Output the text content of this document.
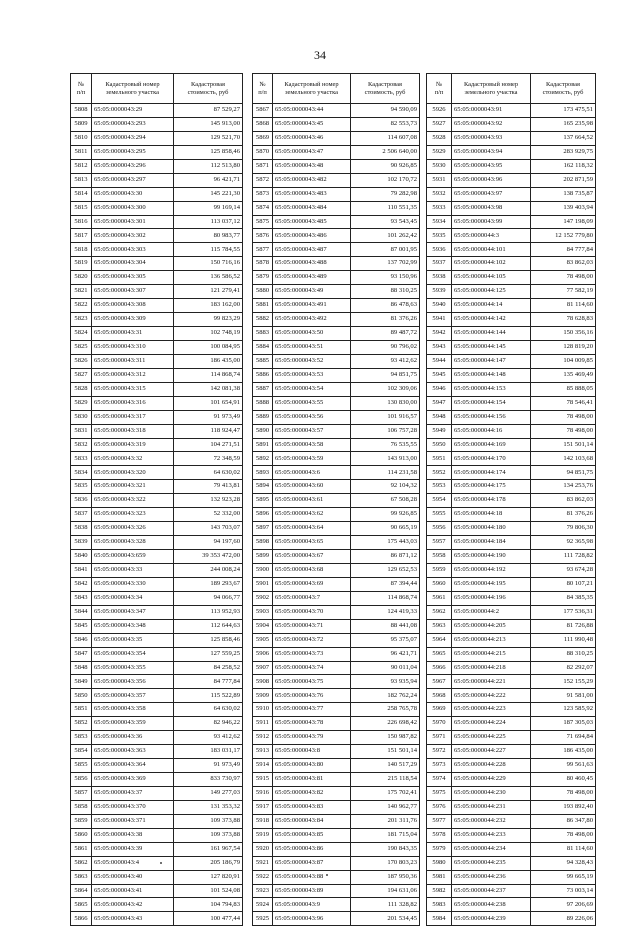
34
№
п/п	Кадастровый номер земельного участка	Кадастровая стоимость, руб
5808	65:05:0000043:29	87 529,27
5809	65:05:0000043:293	145 913,00
5810	65:05:0000043:294	129 521,70
5811	65:05:0000043:295	125 858,46
5812	65:05:0000043:296	112 513,80
5813	65:05:0000043:297	96 421,71
5814	65:05:0000043:30	145 221,30
5815	65:05:0000043:300	99 169,14
5816	65:05:0000043:301	113 037,12
5817	65:05:0000043:302	80 983,77
5818	65:05:0000043:303	115 784,55
5819	65:05:0000043:304	150 716,16
5820	65:05:0000043:305	136 586,52
5821	65:05:0000043:307	121 279,41
5822	65:05:0000043:308	183 162,00
5823	65:05:0000043:309	99 823,29
5824	65:05:0000043:31	102 748,19
5825	65:05:0000043:310	100 084,95
5826	65:05:0000043:311	186 435,00
5827	65:05:0000043:312	114 868,74
5828	65:05:0000043:315	142 081,38
5829	65:05:0000043:316	101 654,91
5830	65:05:0000043:317	91 973,49
5831	65:05:0000043:318	118 924,47
5832	65:05:0000043:319	104 271,51
5833	65:05:0000043:32	72 348,59
5834	65:05:0000043:320	64 630,02
5835	65:05:0000043:321	79 413,81
5836	65:05:0000043:322	132 923,28
5837	65:05:0000043:323	52 332,00
5838	65:05:0000043:326	143 703,07
5839	65:05:0000043:328	94 197,60
5840	65:05:0000043:659	39 353 472,00
5841	65:05:0000043:33	244 008,24
5842	65:05:0000043:330	189 293,67
5843	65:05:0000043:34	94 066,77
5844	65:05:0000043:347	113 952,93
5845	65:05:0000043:348	112 644,63
5846	65:05:0000043:35	125 858,46
5847	65:05:0000043:354	127 559,25
5848	65:05:0000043:355	84 258,52
5849	65:05:0000043:356	84 777,84
5850	65:05:0000043:357	115 522,89
5851	65:05:0000043:358	64 630,02
5852	65:05:0000043:359	82 946,22
5853	65:05:0000043:36	93 412,62
5854	65:05:0000043:363	183 031,17
5855	65:05:0000043:364	91 973,49
5856	65:05:0000043:369	833 730,97
5857	65:05:0000043:37	149 277,03
5858	65:05:0000043:370	131 353,32
5859	65:05:0000043:371	109 373,88
5860	65:05:0000043:38	109 373,88
5861	65:05:0000043:39	161 967,54
5862	65:05:0000043:4	205 186,79
5863	65:05:0000043:40	127 820,91
5864	65:05:0000043:41	101 524,08
5865	65:05:0000043:42	104 794,83
5866	65:05:0000043:43	100 477,44
№
п/п	Кадастровый номер земельного участка	Кадастровая стоимость, руб
5867	65:05:0000043:44	94 590,09
5868	65:05:0000043:45	82 553,73
5869	65:05:0000043:46	114 607,08
5870	65:05:0000043:47	2 506 640,00
5871	65:05:0000043:48	90 926,85
5872	65:05:0000043:482	102 170,72
5873	65:05:0000043:483	79 282,98
5874	65:05:0000043:484	110 551,35
5875	65:05:0000043:485	93 543,45
5876	65:05:0000043:486	101 262,42
5877	65:05:0000043:487	87 001,95
5878	65:05:0000043:488	137 702,99
5879	65:05:0000043:489	93 150,96
5880	65:05:0000043:49	88 310,25
5881	65:05:0000043:491	86 478,63
5882	65:05:0000043:492	81 376,26
5883	65:05:0000043:50	89 487,72
5884	65:05:0000043:51	90 796,02
5885	65:05:0000043:52	93 412,62
5886	65:05:0000043:53	94 851,75
5887	65:05:0000043:54	102 309,06
5888	65:05:0000043:55	130 830,00
5889	65:05:0000043:56	101 916,57
5890	65:05:0000043:57	106 757,28
5891	65:05:0000043:58	76 535,55
5892	65:05:0000043:59	143 913,00
5893	65:05:0000043:6	114 231,58
5894	65:05:0000043:60	92 104,32
5895	65:05:0000043:61	67 508,28
5896	65:05:0000043:62	99 926,85
5897	65:05:0000043:64	90 665,19
5898	65:05:0000043:65	175 443,03
5899	65:05:0000043:67	86 871,12
5900	65:05:0000043:68	129 652,53
5901	65:05:0000043:69	87 394,44
5902	65:05:0000043:7	114 868,74
5903	65:05:0000043:70	124 419,33
5904	65:05:0000043:71	88 441,08
5905	65:05:0000043:72	95 375,07
5906	65:05:0000043:73	96 421,71
5907	65:05:0000043:74	90 011,04
5908	65:05:0000043:75	93 935,94
5909	65:05:0000043:76	182 762,24
5910	65:05:0000043:77	258 765,78
5911	65:05:0000043:78	226 698,42
5912	65:05:0000043:79	150 987,82
5913	65:05:0000043:8	151 501,14
5914	65:05:0000043:80	140 517,29
5915	65:05:0000043:81	215 118,54
5916	65:05:0000043:82	175 702,41
5917	65:05:0000043:83	140 962,77
5918	65:05:0000043:84	201 311,76
5919	65:05:0000043:85	181 715,04
5920	65:05:0000043:86	190 843,35
5921	65:05:0000043:87	170 803,23
5922	65:05:0000043:88	187 950,36
5923	65:05:0000043:89	194 631,06
5924	65:05:0000043:9	111 328,82
5925	65:05:0000043:96	201 534,45
№
п/п	Кадастровый номер земельного участка	Кадастровая стоимость, руб
5926	65:05:0000043:91	173 475,51
5927	65:05:0000043:92	165 235,98
5928	65:05:0000043:93	137 664,52
5929	65:05:0000043:94	283 929,75
5930	65:05:0000043:95	162 118,32
5931	65:05:0000043:96	202 871,59
5932	65:05:0000043:97	138 735,87
5933	65:05:0000043:98	139 403,94
5934	65:05:0000043:99	147 198,09
5935	65:05:0000044:3	12 152 779,80
5936	65:05:0000044:101	84 777,84
5937	65:05:0000044:102	83 862,03
5938	65:05:0000044:105	78 498,00
5939	65:05:0000044:125	77 582,19
5940	65:05:0000044:14	81 114,60
5941	65:05:0000044:142	78 628,83
5942	65:05:0000044:144	150 356,16
5943	65:05:0000044:145	128 819,20
5944	65:05:0000044:147	104 009,85
5945	65:05:0000044:148	135 469,49
5946	65:05:0000044:153	85 888,05
5947	65:05:0000044:154	78 546,41
5948	65:05:0000044:156	78 498,00
5949	65:05:0000044:16	78 498,00
5950	65:05:0000044:169	151 501,14
5951	65:05:0000044:170	142 103,68
5952	65:05:0000044:174	94 851,75
5953	65:05:0000044:175	134 253,76
5954	65:05:0000044:178	83 862,03
5955	65:05:0000044:18	81 376,26
5956	65:05:0000044:180	79 806,30
5957	65:05:0000044:184	92 365,98
5958	65:05:0000044:190	111 728,82
5959	65:05:0000044:192	93 674,28
5960	65:05:0000044:195	80 107,21
5961	65:05:0000044:196	84 385,35
5962	65:05:0000044:2	177 536,31
5963	65:05:0000044:205	81 726,88
5964	65:05:0000044:213	111 990,48
5965	65:05:0000044:215	88 310,25
5966	65:05:0000044:218	82 292,07
5967	65:05:0000044:221	152 155,29
5968	65:05:0000044:222	91 581,00
5969	65:05:0000044:223	123 585,92
5970	65:05:0000044:224	187 305,03
5971	65:05:0000044:225	71 694,84
5972	65:05:0000044:227	186 435,00
5973	65:05:0000044:228	99 561,63
5974	65:05:0000044:229	80 460,45
5975	65:05:0000044:230	78 498,00
5976	65:05:0000044:231	193 892,40
5977	65:05:0000044:232	86 347,80
5978	65:05:0000044:233	78 498,00
5979	65:05:0000044:234	81 114,60
5980	65:05:0000044:235	94 328,43
5981	65:05:0000044:236	99 665,19
5982	65:05:0000044:237	73 003,14
5983	65:05:0000044:238	97 206,69
5984	65:05:0000044:239	89 226,06
